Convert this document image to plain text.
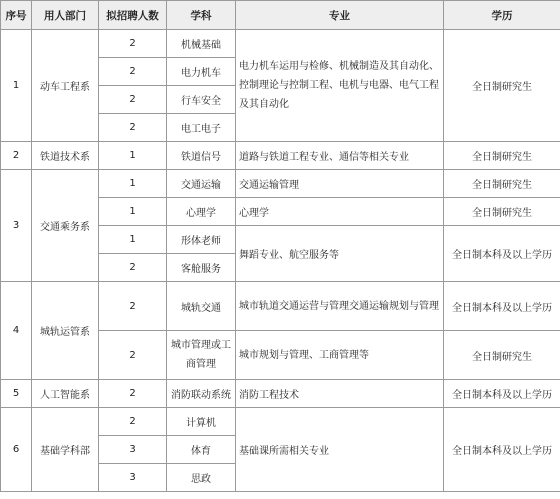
序号	用人部门	拟招聘人数	学科	专业	学历
1	动车工程系	2	机械基础	电力机车运用与检修、机械制造及其自动化、控制理论与控制工程、电机与电器、电气工程及其自动化	全日制研究生
		2	电力机车		
		2	行车安全		
		2	电工电子		
2	铁道技术系	1	铁道信号	道路与铁道工程专业、通信等相关专业	全日制研究生
3	交通乘务系	1	交通运输	交通运输管理	全日制研究生
		1	心理学	心理学	全日制研究生
		1	形体老师	舞蹈专业、航空服务等	全日制本科及以上学历
		2	客舱服务		
4	城轨运管系	2	城轨交通	城市轨道交通运营与管理交通运输规划与管理	全日制本科及以上学历
		2	城市管理或工商管理	城市规划与管理、工商管理等	全日制研究生
5	人工智能系	2	消防联动系统	消防工程技术	全日制本科及以上学历
6	基础学科部	2	计算机	基础课所需相关专业	全日制本科及以上学历
		3	体育		
		3	思政		
